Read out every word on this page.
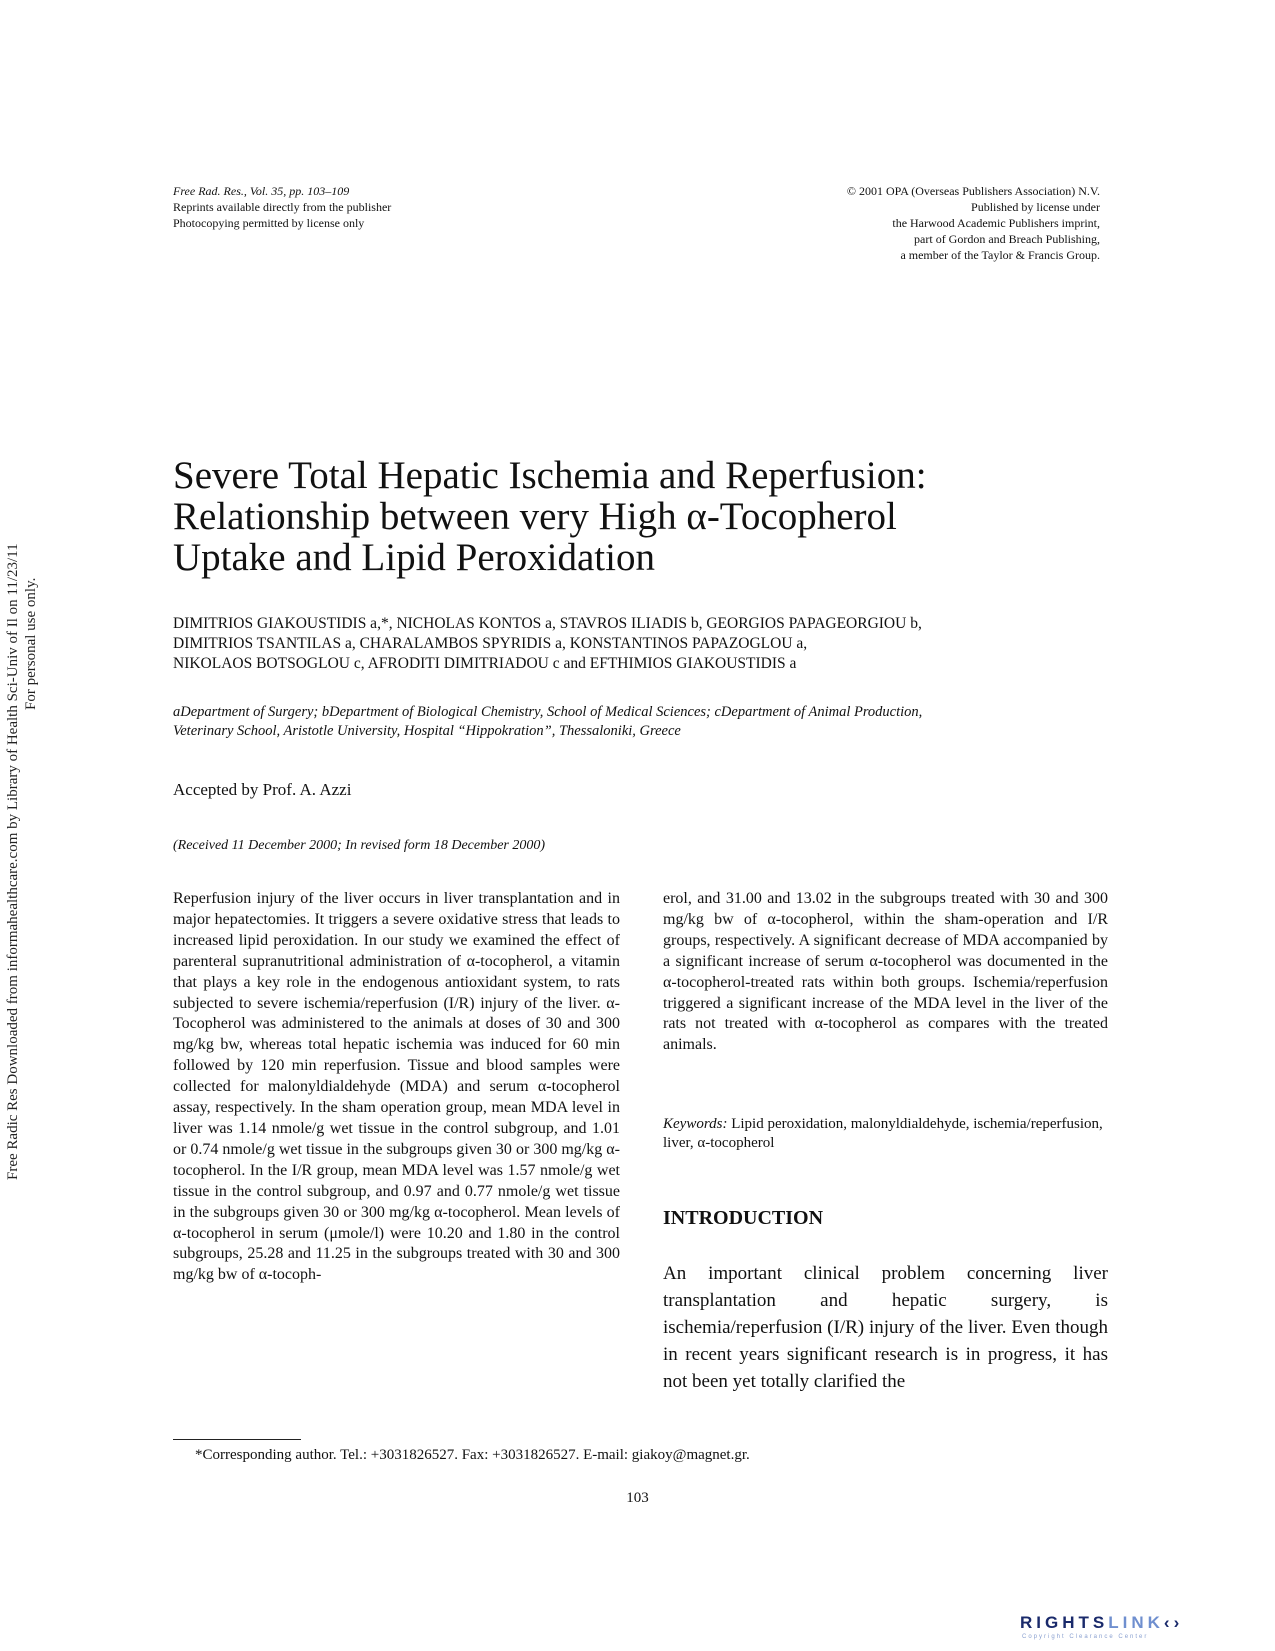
Free Rad. Res., Vol. 35, pp. 103–109
Reprints available directly from the publisher
Photocopying permitted by license only
© 2001 OPA (Overseas Publishers Association) N.V.
Published by license under
the Harwood Academic Publishers imprint,
part of Gordon and Breach Publishing,
a member of the Taylor & Francis Group.
Free Radic Res Downloaded from informahealthcare.com by Library of Health Sci-Univ of Il on 11/23/11 For personal use only.
Severe Total Hepatic Ischemia and Reperfusion:
Relationship between very High α-Tocopherol
Uptake and Lipid Peroxidation
DIMITRIOS GIAKOUSTIDIS a,*, NICHOLAS KONTOS a, STAVROS ILIADIS b, GEORGIOS PAPAGEORGIOU b,
DIMITRIOS TSANTILAS a, CHARALAMBOS SPYRIDIS a, KONSTANTINOS PAPAZOGLOU a,
NIKOLAOS BOTSOGLOU c, AFRODITI DIMITRIADOU c and EFTHIMIOS GIAKOUSTIDIS a
aDepartment of Surgery; bDepartment of Biological Chemistry, School of Medical Sciences; cDepartment of Animal Production,
Veterinary School, Aristotle University, Hospital “Hippokration”, Thessaloniki, Greece
Accepted by Prof. A. Azzi
(Received 11 December 2000; In revised form 18 December 2000)
Reperfusion injury of the liver occurs in liver transplantation and in major hepatectomies. It triggers a severe oxidative stress that leads to increased lipid peroxidation. In our study we examined the effect of parenteral supranutritional administration of α-tocopherol, a vitamin that plays a key role in the endogenous antioxidant system, to rats subjected to severe ischemia/reperfusion (I/R) injury of the liver. α-Tocopherol was administered to the animals at doses of 30 and 300 mg/kg bw, whereas total hepatic ischemia was induced for 60 min followed by 120 min reperfusion. Tissue and blood samples were collected for malonyldialdehyde (MDA) and serum α-tocopherol assay, respectively. In the sham operation group, mean MDA level in liver was 1.14 nmole/g wet tissue in the control subgroup, and 1.01 or 0.74 nmole/g wet tissue in the subgroups given 30 or 300 mg/kg α-tocopherol. In the I/R group, mean MDA level was 1.57 nmole/g wet tissue in the control subgroup, and 0.97 and 0.77 nmole/g wet tissue in the subgroups given 30 or 300 mg/kg α-tocopherol. Mean levels of α-tocopherol in serum (μmole/l) were 10.20 and 1.80 in the control subgroups, 25.28 and 11.25 in the subgroups treated with 30 and 300 mg/kg bw of α-tocoph-
erol, and 31.00 and 13.02 in the subgroups treated with 30 and 300 mg/kg bw of α-tocopherol, within the sham-operation and I/R groups, respectively. A significant decrease of MDA accompanied by a significant increase of serum α-tocopherol was documented in the α-tocopherol-treated rats within both groups. Ischemia/reperfusion triggered a significant increase of the MDA level in the liver of the rats not treated with α-tocopherol as compares with the treated animals.
Keywords: Lipid peroxidation, malonyldialdehyde, ischemia/reperfusion, liver, α-tocopherol
INTRODUCTION
An important clinical problem concerning liver transplantation and hepatic surgery, is ischemia/reperfusion (I/R) injury of the liver. Even though in recent years significant research is in progress, it has not been yet totally clarified the
*Corresponding author. Tel.: +3031826527. Fax: +3031826527. E-mail: giakoy@magnet.gr.
103
RIGHTSLINK‹›
Copyright Clearance Center
